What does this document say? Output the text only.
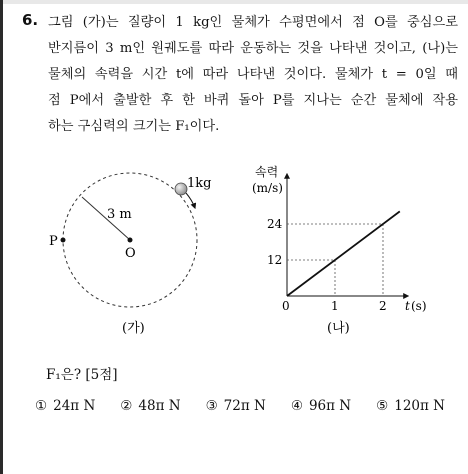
6. 그림 (가)는 질량이 1 kg인 물체가 수평면에서 점 O를 중심으로
반지름이 3 m인 원궤도를 따라 운동하는 것을 나타낸 것이고, (나)는
물체의 속력을 시간 t에 따라 나타낸 것이다. 물체가 t = 0일 때
점 P에서 출발한 후 한 바퀴 돌아 P를 지나는 순간 물체에 작용
하는 구심력의 크기는 F₁이다.
1kg
3 m
O
P
속력
(m/s)
0	t (s)
12
24
1	2
(가)	(나)
F₁은? [5점]
① 24π N ② 48π N ③ 72π N ④ 96π N ⑤ 120π N
